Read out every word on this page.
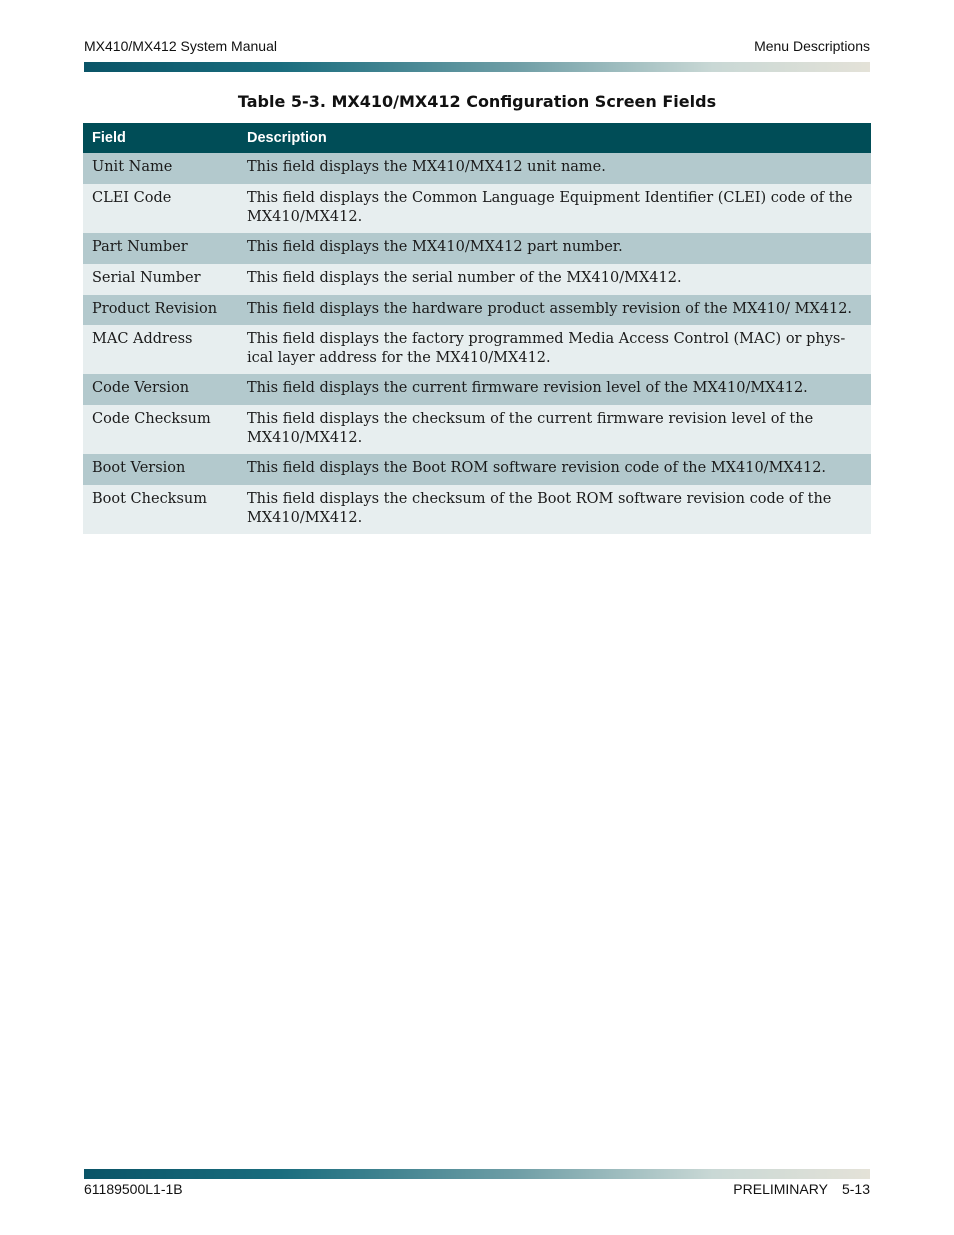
MX410/MX412 System Manual	Menu Descriptions
Table 5-3. MX410/MX412 Configuration Screen Fields
Field	Description
Unit Name	This field displays the MX410/MX412 unit name.
CLEI Code	This field displays the Common Language Equipment Identifier (CLEI) code of the MX410/MX412.
Part Number	This field displays the MX410/MX412 part number.
Serial Number	This field displays the serial number of the MX410/MX412.
Product Revision	This field displays the hardware product assembly revision of the MX410/ MX412.
MAC Address	This field displays the factory programmed Media Access Control (MAC) or phys-ical layer address for the MX410/MX412.
Code Version	This field displays the current firmware revision level of the MX410/MX412.
Code Checksum	This field displays the checksum of the current firmware revision level of the MX410/MX412.
Boot Version	This field displays the Boot ROM software revision code of the MX410/MX412.
Boot Checksum	This field displays the checksum of the Boot ROM software revision code of the MX410/MX412.
61189500L1-1B	PRELIMINARY 5-13
